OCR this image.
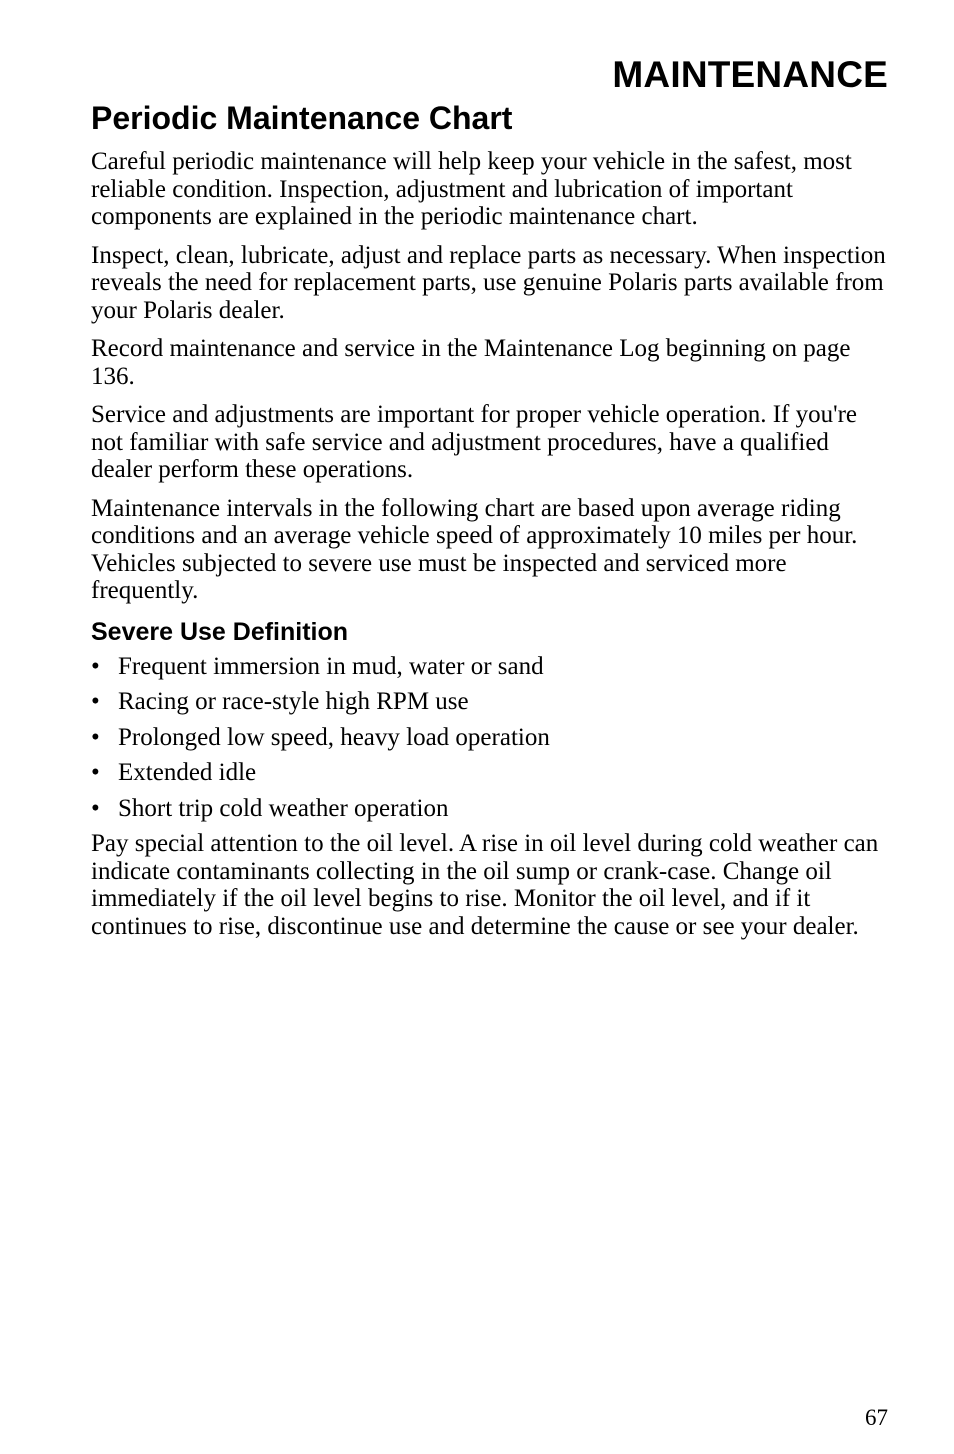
MAINTENANCE
Periodic Maintenance Chart

Careful periodic maintenance will help keep your vehicle in the safest, most reliable condition. Inspection, adjustment and lubrication of important components are explained in the periodic maintenance chart.

Inspect, clean, lubricate, adjust and replace parts as necessary. When inspection reveals the need for replacement parts, use genuine Polaris parts available from your Polaris dealer.

Record maintenance and service in the Maintenance Log beginning on page 136.

Service and adjustments are important for proper vehicle operation. If you're not familiar with safe service and adjustment procedures, have a qualified dealer perform these operations.

Maintenance intervals in the following chart are based upon average riding conditions and an average vehicle speed of approximately 10 miles per hour. Vehicles subjected to severe use must be inspected and serviced more frequently.

Severe Use Definition
• Frequent immersion in mud, water or sand
• Racing or race-style high RPM use
• Prolonged low speed, heavy load operation
• Extended idle
• Short trip cold weather operation

Pay special attention to the oil level. A rise in oil level during cold weather can indicate contaminants collecting in the oil sump or crank-case. Change oil immediately if the oil level begins to rise. Monitor the oil level, and if it continues to rise, discontinue use and determine the cause or see your dealer.

67
